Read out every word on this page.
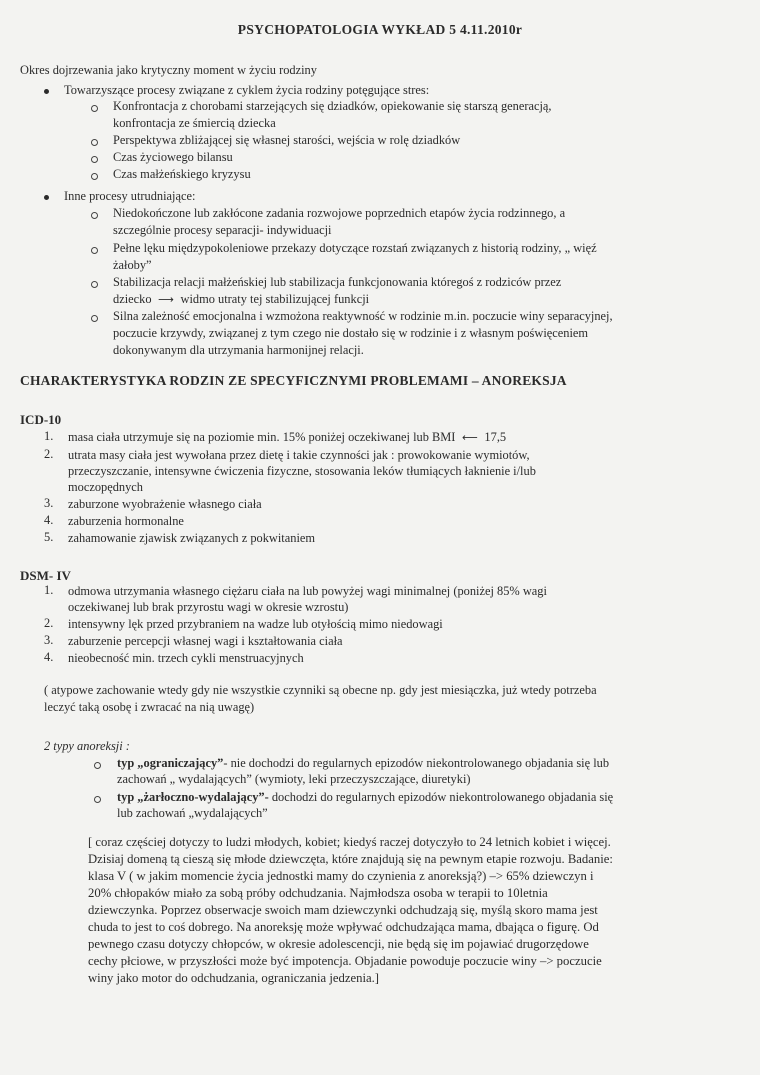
PSYCHOPATOLOGIA WYKŁAD 5 4.11.2010r
Okres dojrzewania jako krytyczny moment w życiu rodziny
Towarzyszące procesy związane z cyklem życia rodziny potęgujące stres:
Konfrontacja z chorobami starzejących się dziadków, opiekowanie się starszą generacją,
konfrontacja ze śmiercią dziecka
Perspektywa zbliżającej się własnej starości, wejścia w rolę dziadków
Czas życiowego bilansu
Czas małżeńskiego kryzysu
Inne procesy utrudniające:
Niedokończone lub zakłócone zadania rozwojowe poprzednich etapów życia rodzinnego, a
szczególnie procesy separacji- indywiduacji
Pełne lęku międzypokoleniowe przekazy dotyczące rozstań związanych z historią rodziny, „ więź
żałoby”
Stabilizacja relacji małżeńskiej lub stabilizacja funkcjonowania któregoś z rodziców przez
dziecko  ⟶  widmo utraty tej stabilizującej funkcji
Silna zależność emocjonalna i wzmożona reaktywność w rodzinie m.in. poczucie winy separacyjnej,
poczucie krzywdy, związanej z tym czego nie dostało się w rodzinie i z własnym poświęceniem
dokonywanym dla utrzymania harmonijnej relacji.
CHARAKTERYSTYKA RODZIN ZE SPECYFICZNYMI PROBLEMAMI – ANOREKSJA
ICD-10
1. masa ciała utrzymuje się na poziomie min. 15% poniżej oczekiwanej lub BMI  ⟵  17,5
2. utrata masy ciała jest wywołana przez dietę i takie czynności jak : prowokowanie wymiotów,
przeczyszczanie, intensywne ćwiczenia fizyczne, stosowania leków tłumiących łaknienie i/lub
moczopędnych
3. zaburzone wyobrażenie własnego ciała
4. zaburzenia hormonalne
5. zahamowanie zjawisk związanych z pokwitaniem
DSM- IV
1. odmowa utrzymania własnego ciężaru ciała na lub powyżej wagi minimalnej (poniżej 85% wagi
oczekiwanej lub brak przyrostu wagi w okresie wzrostu)
2. intensywny lęk przed przybraniem na wadze lub otyłością mimo niedowagi
3. zaburzenie percepcji własnej wagi i kształtowania ciała
4. nieobecność min. trzech cykli menstruacyjnych
( atypowe zachowanie wtedy gdy nie wszystkie czynniki są obecne np. gdy jest miesiączka, już wtedy potrzeba
leczyć taką osobę i zwracać na nią uwagę)
2 typy anoreksji :
typ „ograniczający”- nie dochodzi do regularnych epizodów niekontrolowanego objadania się lub
zachowań „ wydalających” (wymioty, leki przeczyszczające, diuretyki)
typ „żarłoczno-wydalający”- dochodzi do regularnych epizodów niekontrolowanego objadania się
lub zachowań „wydalających”
[ coraz częściej dotyczy to ludzi młodych, kobiet; kiedyś raczej dotyczyło to 24 letnich kobiet i więcej.
Dzisiaj domeną tą cieszą się młode dziewczęta, które znajdują się na pewnym etapie rozwoju. Badanie:
klasa V ( w jakim momencie życia jednostki mamy do czynienia z anoreksją?) –> 65% dziewczyn i
20% chłopaków miało za sobą próby odchudzania. Najmłodsza osoba w terapii to 10letnia
dziewczynka. Poprzez obserwacje swoich mam dziewczynki odchudzają się, myślą skoro mama jest
chuda to jest to coś dobrego. Na anoreksję może wpływać odchudzająca mama, dbająca o figurę. Od
pewnego czasu dotyczy chłopców, w okresie adolescencji, nie będą się im pojawiać drugorzędowe
cechy płciowe, w przyszłości może być impotencja. Objadanie powoduje poczucie winy –> poczucie
winy jako motor do odchudzania, ograniczania jedzenia.]
